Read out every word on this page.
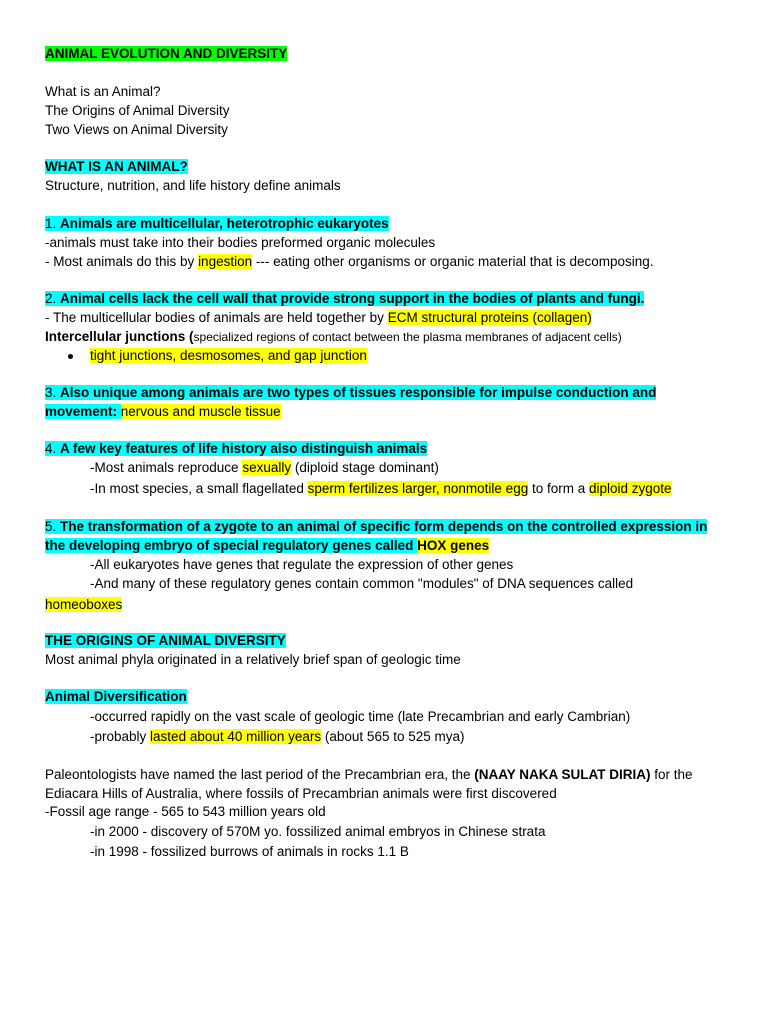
ANIMAL EVOLUTION AND DIVERSITY
What is an Animal?
The Origins of Animal Diversity
Two Views on Animal Diversity
WHAT IS AN ANIMAL?
Structure, nutrition, and life history define animals
1. Animals are multicellular, heterotrophic eukaryotes
-animals must take into their bodies preformed organic molecules
- Most animals do this by ingestion --- eating other organisms or organic material that is decomposing.
2. Animal cells lack the cell wall that provide strong support in the bodies of plants and fungi.
- The multicellular bodies of animals are held together by ECM structural proteins (collagen)
Intercellular junctions (specialized regions of contact between the plasma membranes of adjacent cells)
tight junctions, desmosomes, and gap junction
3. Also unique among animals are two types of tissues responsible for impulse conduction and
movement: nervous and muscle tissue
4. A few key features of life history also distinguish animals
-Most animals reproduce sexually (diploid stage dominant)
-In most species, a small flagellated sperm fertilizes larger, nonmotile egg to form a diploid zygote
5. The transformation of a zygote to an animal of specific form depends on the controlled expression in
the developing embryo of special regulatory genes called HOX genes
-All eukaryotes have genes that regulate the expression of other genes
-And many of these regulatory genes contain common "modules" of DNA sequences called
homeoboxes
THE ORIGINS OF ANIMAL DIVERSITY
Most animal phyla originated in a relatively brief span of geologic time
Animal Diversification
-occurred rapidly on the vast scale of geologic time (late Precambrian and early Cambrian)
-probably lasted about 40 million years (about 565 to 525 mya)
Paleontologists have named the last period of the Precambrian era, the (NAAY NAKA SULAT DIRIA) for the
Ediacara Hills of Australia, where fossils of Precambrian animals were first discovered
-Fossil age range - 565 to 543 million years old
-in 2000 - discovery of 570M yo. fossilized animal embryos in Chinese strata
-in 1998 - fossilized burrows of animals in rocks 1.1 B
